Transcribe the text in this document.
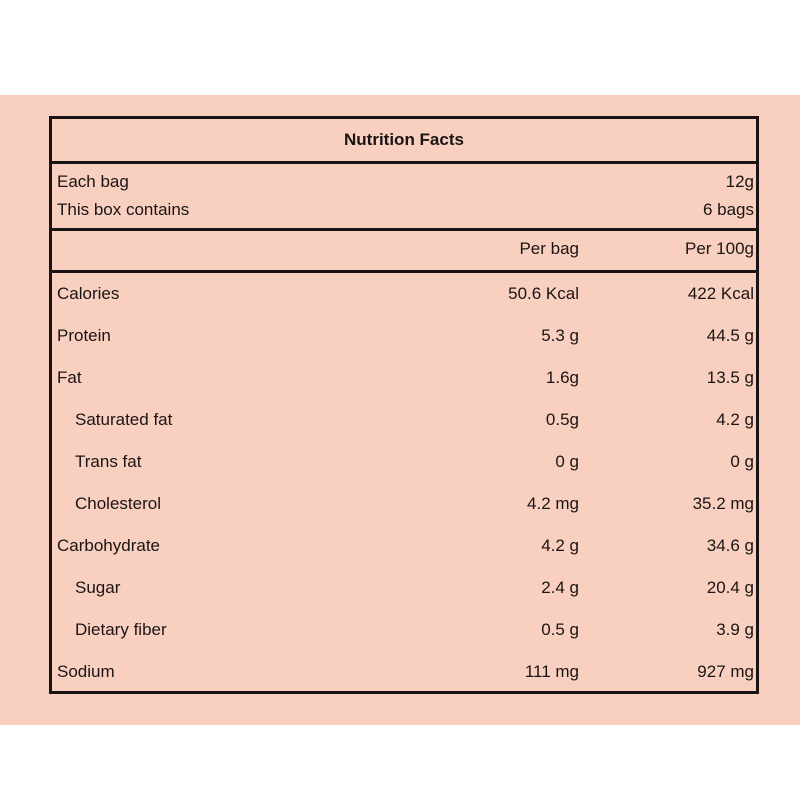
Nutrition Facts
Each bag	12g
This box contains	6 bags
Per bag	Per 100g
Calories	50.6 Kcal	422 Kcal
Protein	5.3 g	44.5 g
Fat	1.6g	13.5 g
Saturated fat	0.5g	4.2 g
Trans fat	0 g	0 g
Cholesterol	4.2 mg	35.2 mg
Carbohydrate	4.2 g	34.6 g
Sugar	2.4 g	20.4 g
Dietary fiber	0.5 g	3.9 g
Sodium	111 mg	927 mg
